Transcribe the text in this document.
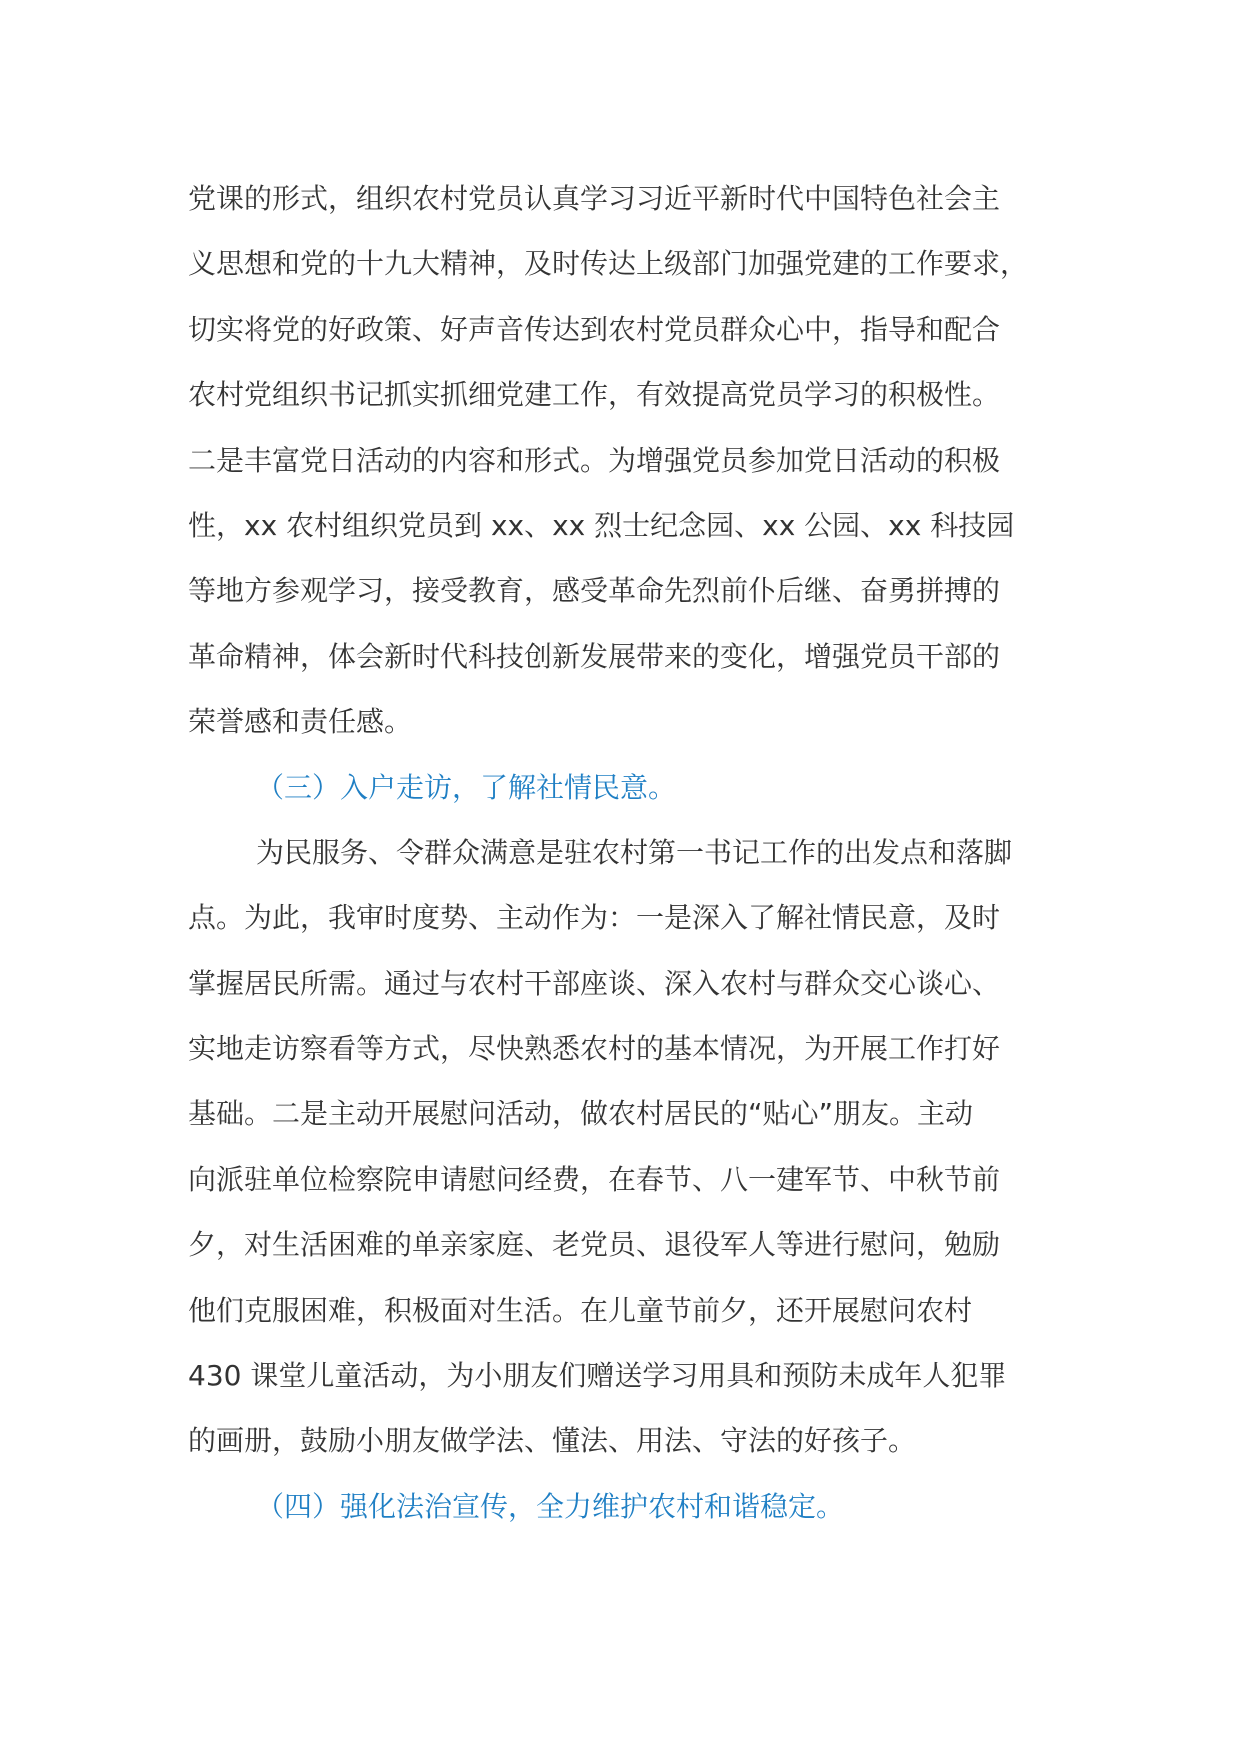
党课的形式，组织农村党员认真学习习近平新时代中国特色社会主
义思想和党的十九大精神，及时传达上级部门加强党建的工作要求，
切实将党的好政策、好声音传达到农村党员群众心中，指导和配合
农村党组织书记抓实抓细党建工作，有效提高党员学习的积极性。
二是丰富党日活动的内容和形式。为增强党员参加党日活动的积极
性，xx 农村组织党员到 xx、xx 烈士纪念园、xx 公园、xx 科技园
等地方参观学习，接受教育，感受革命先烈前仆后继、奋勇拼搏的
革命精神，体会新时代科技创新发展带来的变化，增强党员干部的
荣誉感和责任感。
（三）入户走访，了解社情民意。
为民服务、令群众满意是驻农村第一书记工作的出发点和落脚
点。为此，我审时度势、主动作为：一是深入了解社情民意，及时
掌握居民所需。通过与农村干部座谈、深入农村与群众交心谈心、
实地走访察看等方式，尽快熟悉农村的基本情况，为开展工作打好
基础。二是主动开展慰问活动，做农村居民的“贴心”朋友。主动
向派驻单位检察院申请慰问经费，在春节、八一建军节、中秋节前
夕，对生活困难的单亲家庭、老党员、退役军人等进行慰问，勉励
他们克服困难，积极面对生活。在儿童节前夕，还开展慰问农村
430 课堂儿童活动，为小朋友们赠送学习用具和预防未成年人犯罪
的画册，鼓励小朋友做学法、懂法、用法、守法的好孩子。
（四）强化法治宣传，全力维护农村和谐稳定。
